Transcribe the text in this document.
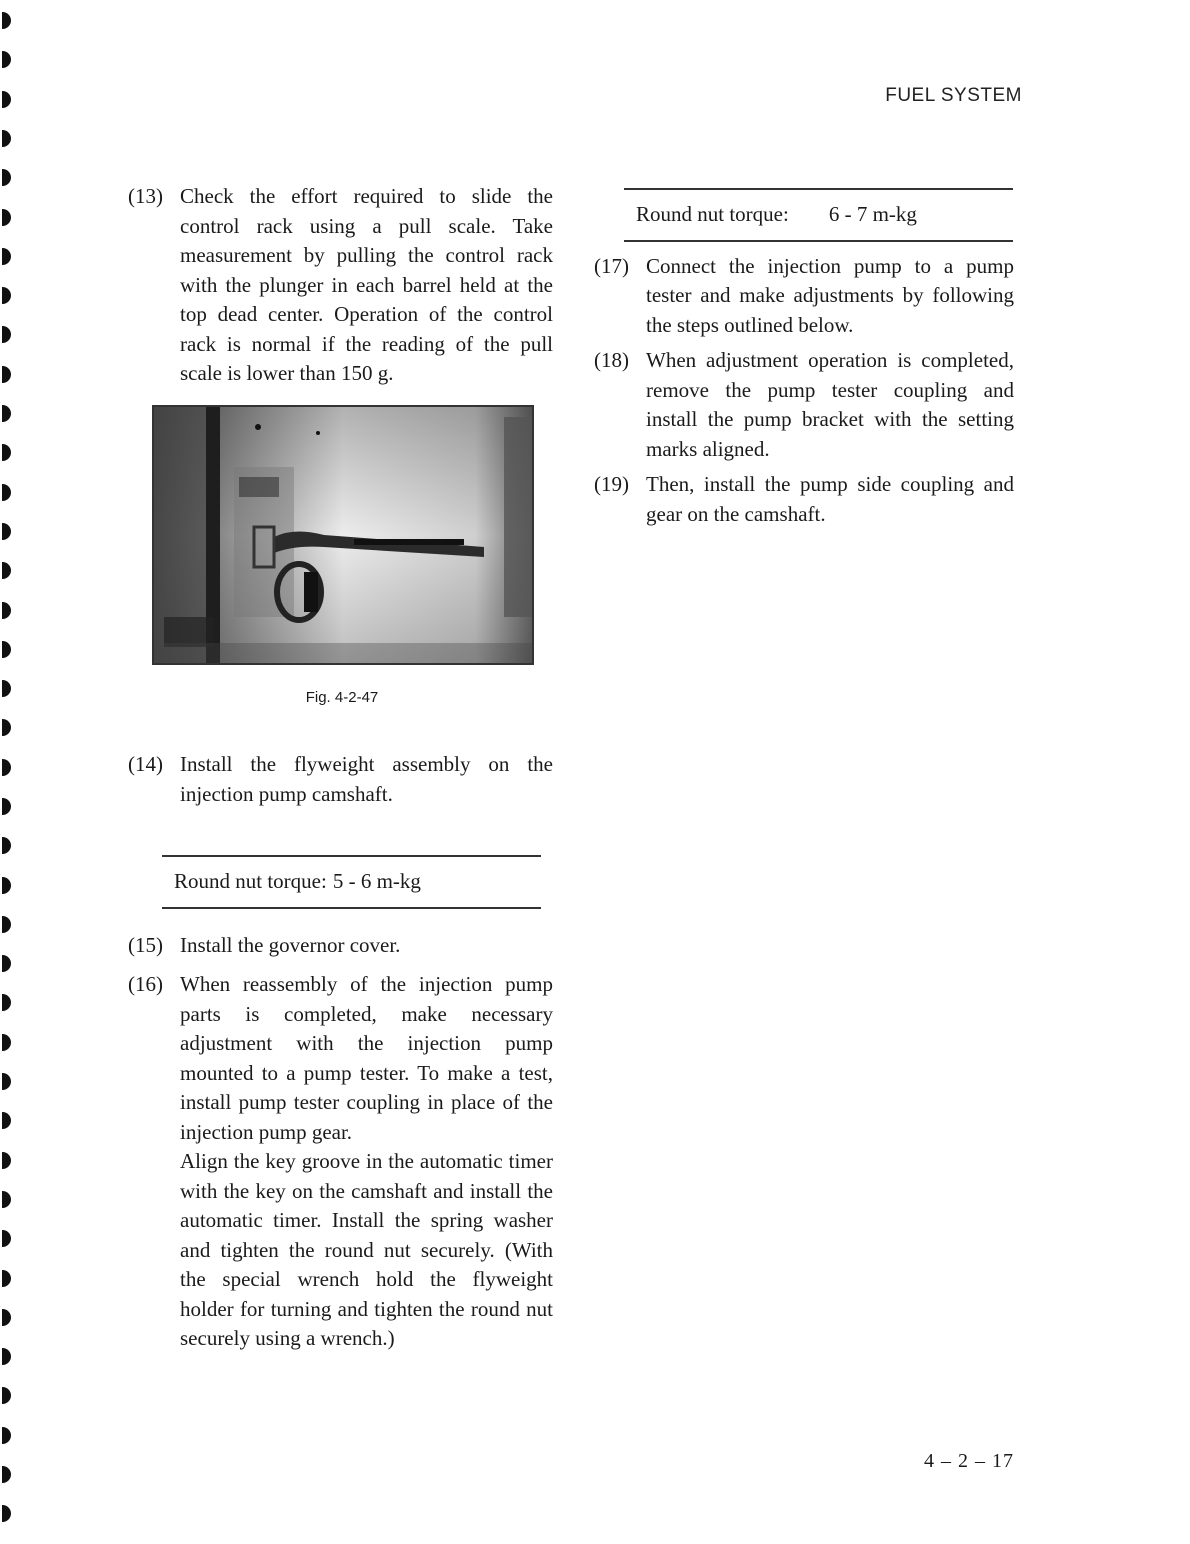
FUEL SYSTEM
(13) Check the effort required to slide the control rack using a pull scale. Take measurement by pulling the control rack with the plunger in each barrel held at the top dead center. Operation of the control rack is normal if the reading of the pull scale is lower than 150 g.

Fig. 4-2-47
(14) Install the flyweight assembly on the injection pump camshaft.

Round nut torque: 5 - 6 m-kg
(15) Install the governor cover.

(16) When reassembly of the injection pump parts is completed, make necessary adjustment with the injection pump mounted to a pump tester. To make a test, install pump tester coupling in place of the injection pump gear.

Align the key groove in the automatic timer with the key on the camshaft and install the automatic timer. Install the spring washer and tighten the round nut securely. (With the special wrench hold the flyweight holder for turning and tighten the round nut securely using a wrench.)

Round nut torque: 6 - 7 m-kg
(17) Connect the injection pump to a pump tester and make adjustments by following the steps outlined below.

(18) When adjustment operation is completed, remove the pump tester coupling and install the pump bracket with the setting marks aligned.

(19) Then, install the pump side coupling and gear on the camshaft.

4 – 2 – 17
